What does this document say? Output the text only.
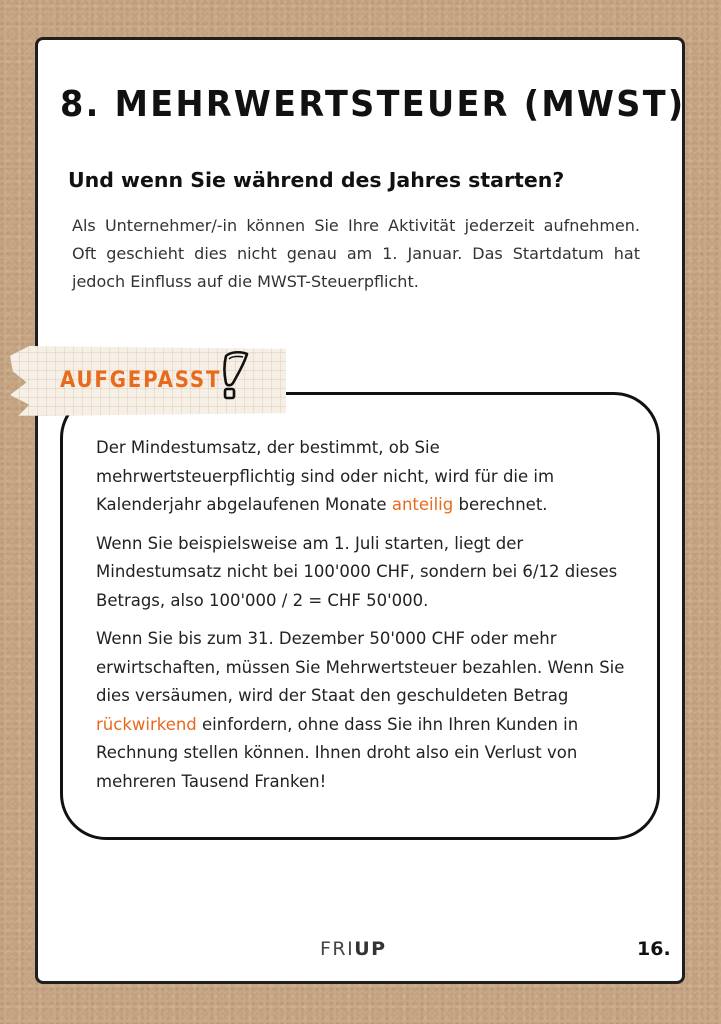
8. MEHRWERTSTEUER (MWST)
Und wenn Sie während des Jahres starten?

Als Unternehmer/-in können Sie Ihre Aktivität jederzeit aufnehmen. Oft geschieht dies nicht genau am 1. Januar. Das Startdatum hat jedoch Einfluss auf die MWST-Steuerpflicht.

AUFGEPASST

Der Mindestumsatz, der bestimmt, ob Sie mehrwertsteuerpflichtig sind oder nicht, wird für die im Kalenderjahr abgelaufenen Monate anteilig berechnet.

Wenn Sie beispielsweise am 1. Juli starten, liegt der Mindestumsatz nicht bei 100'000 CHF, sondern bei 6/12 dieses Betrags, also 100'000 / 2 = CHF 50'000.

Wenn Sie bis zum 31. Dezember 50'000 CHF oder mehr erwirtschaften, müssen Sie Mehrwertsteuer bezahlen. Wenn Sie dies versäumen, wird der Staat den geschuldeten Betrag rückwirkend einfordern, ohne dass Sie ihn Ihren Kunden in Rechnung stellen können. Ihnen droht also ein Verlust von mehreren Tausend Franken!

FRIUP	16.
